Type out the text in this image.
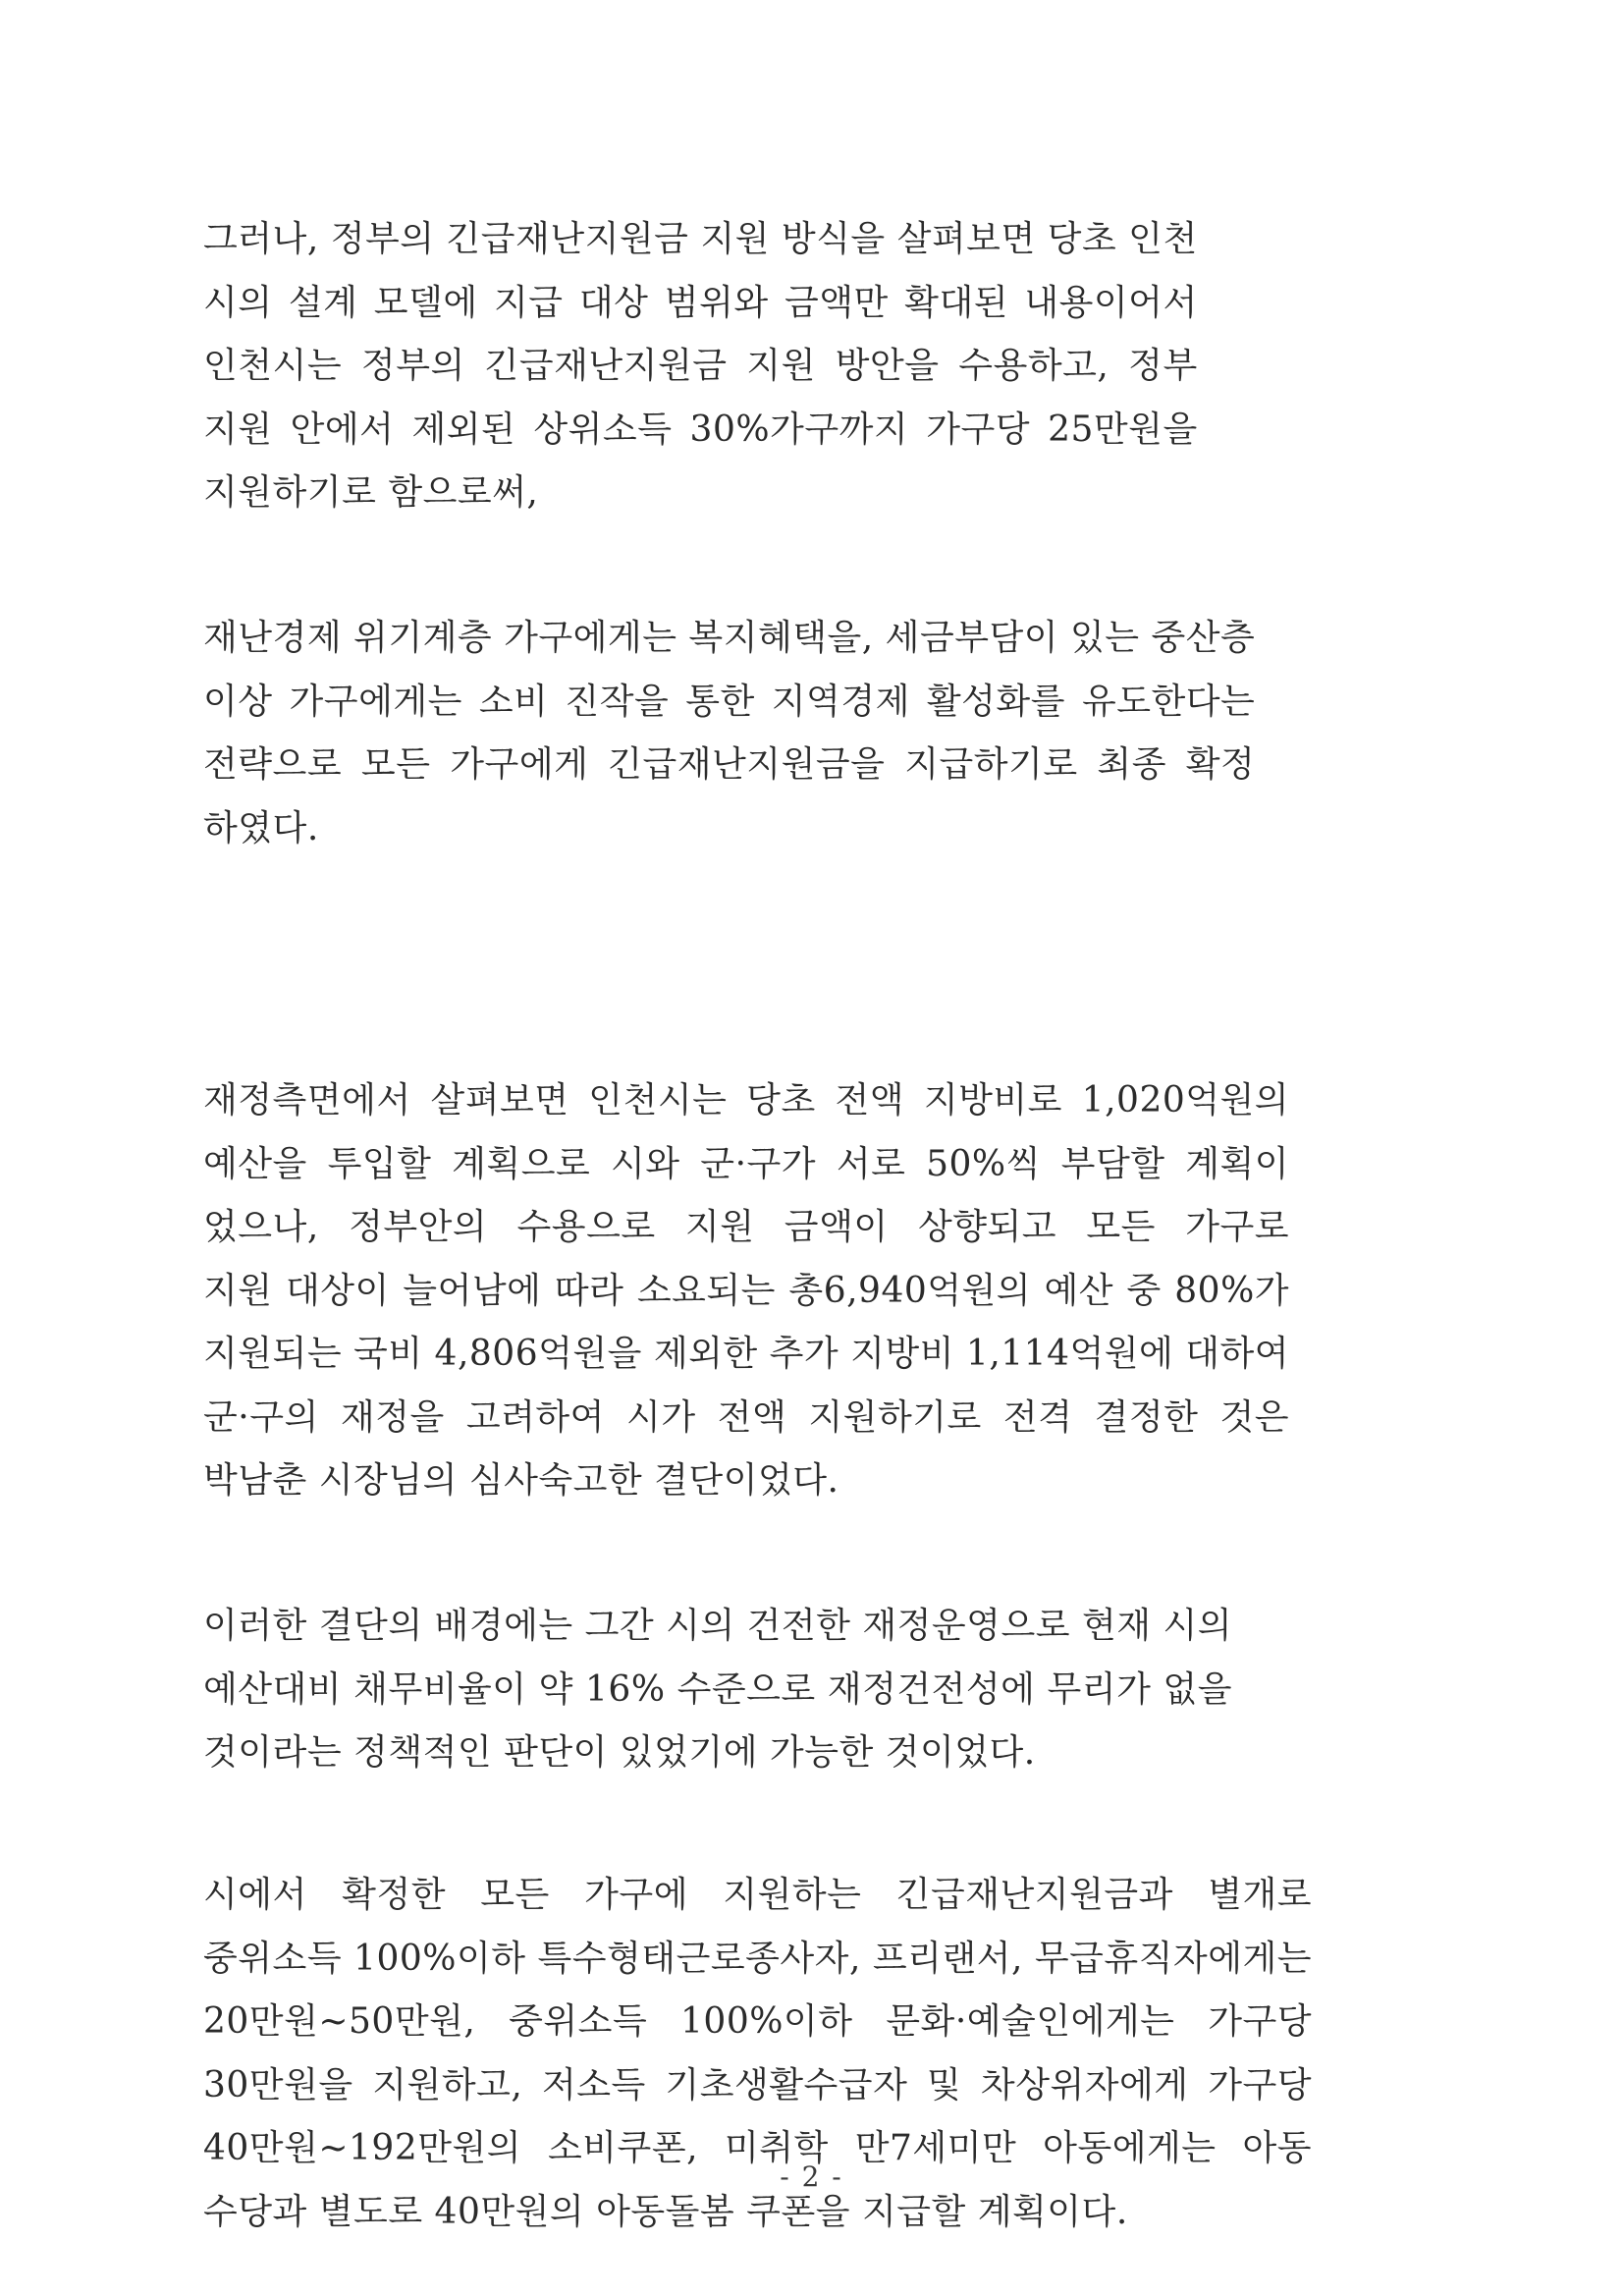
그러나, 정부의 긴급재난지원금 지원 방식을 살펴보면 당초 인천
시의 설계 모델에 지급 대상 범위와 금액만 확대된 내용이어서
인천시는 정부의 긴급재난지원금 지원 방안을 수용하고, 정부
지원 안에서 제외된 상위소득 30%가구까지 가구당 25만원을
지원하기로 함으로써,
재난경제 위기계층 가구에게는 복지혜택을, 세금부담이 있는 중산층
이상 가구에게는 소비 진작을 통한 지역경제 활성화를 유도한다는
전략으로 모든 가구에게 긴급재난지원금을 지급하기로 최종 확정
하였다.
재정측면에서 살펴보면 인천시는 당초 전액 지방비로 1,020억원의
예산을 투입할 계획으로 시와 군·구가 서로 50%씩 부담할 계획이
었으나, 정부안의 수용으로 지원 금액이 상향되고 모든 가구로
지원 대상이 늘어남에 따라 소요되는 총6,940억원의 예산 중 80%가
지원되는 국비 4,806억원을 제외한 추가 지방비 1,114억원에 대하여
군·구의 재정을 고려하여 시가 전액 지원하기로 전격 결정한 것은
박남춘 시장님의 심사숙고한 결단이었다.
이러한 결단의 배경에는 그간 시의 건전한 재정운영으로 현재 시의
예산대비 채무비율이 약 16% 수준으로 재정건전성에 무리가 없을
것이라는 정책적인 판단이 있었기에 가능한 것이었다.
시에서 확정한 모든 가구에 지원하는 긴급재난지원금과 별개로
중위소득 100%이하 특수형태근로종사자, 프리랜서, 무급휴직자에게는
20만원~50만원, 중위소득 100%이하 문화·예술인에게는 가구당
30만원을 지원하고, 저소득 기초생활수급자 및 차상위자에게 가구당
40만원~192만원의 소비쿠폰, 미취학 만7세미만 아동에게는 아동
수당과 별도로 40만원의 아동돌봄 쿠폰을 지급할 계획이다.
- 2 -
